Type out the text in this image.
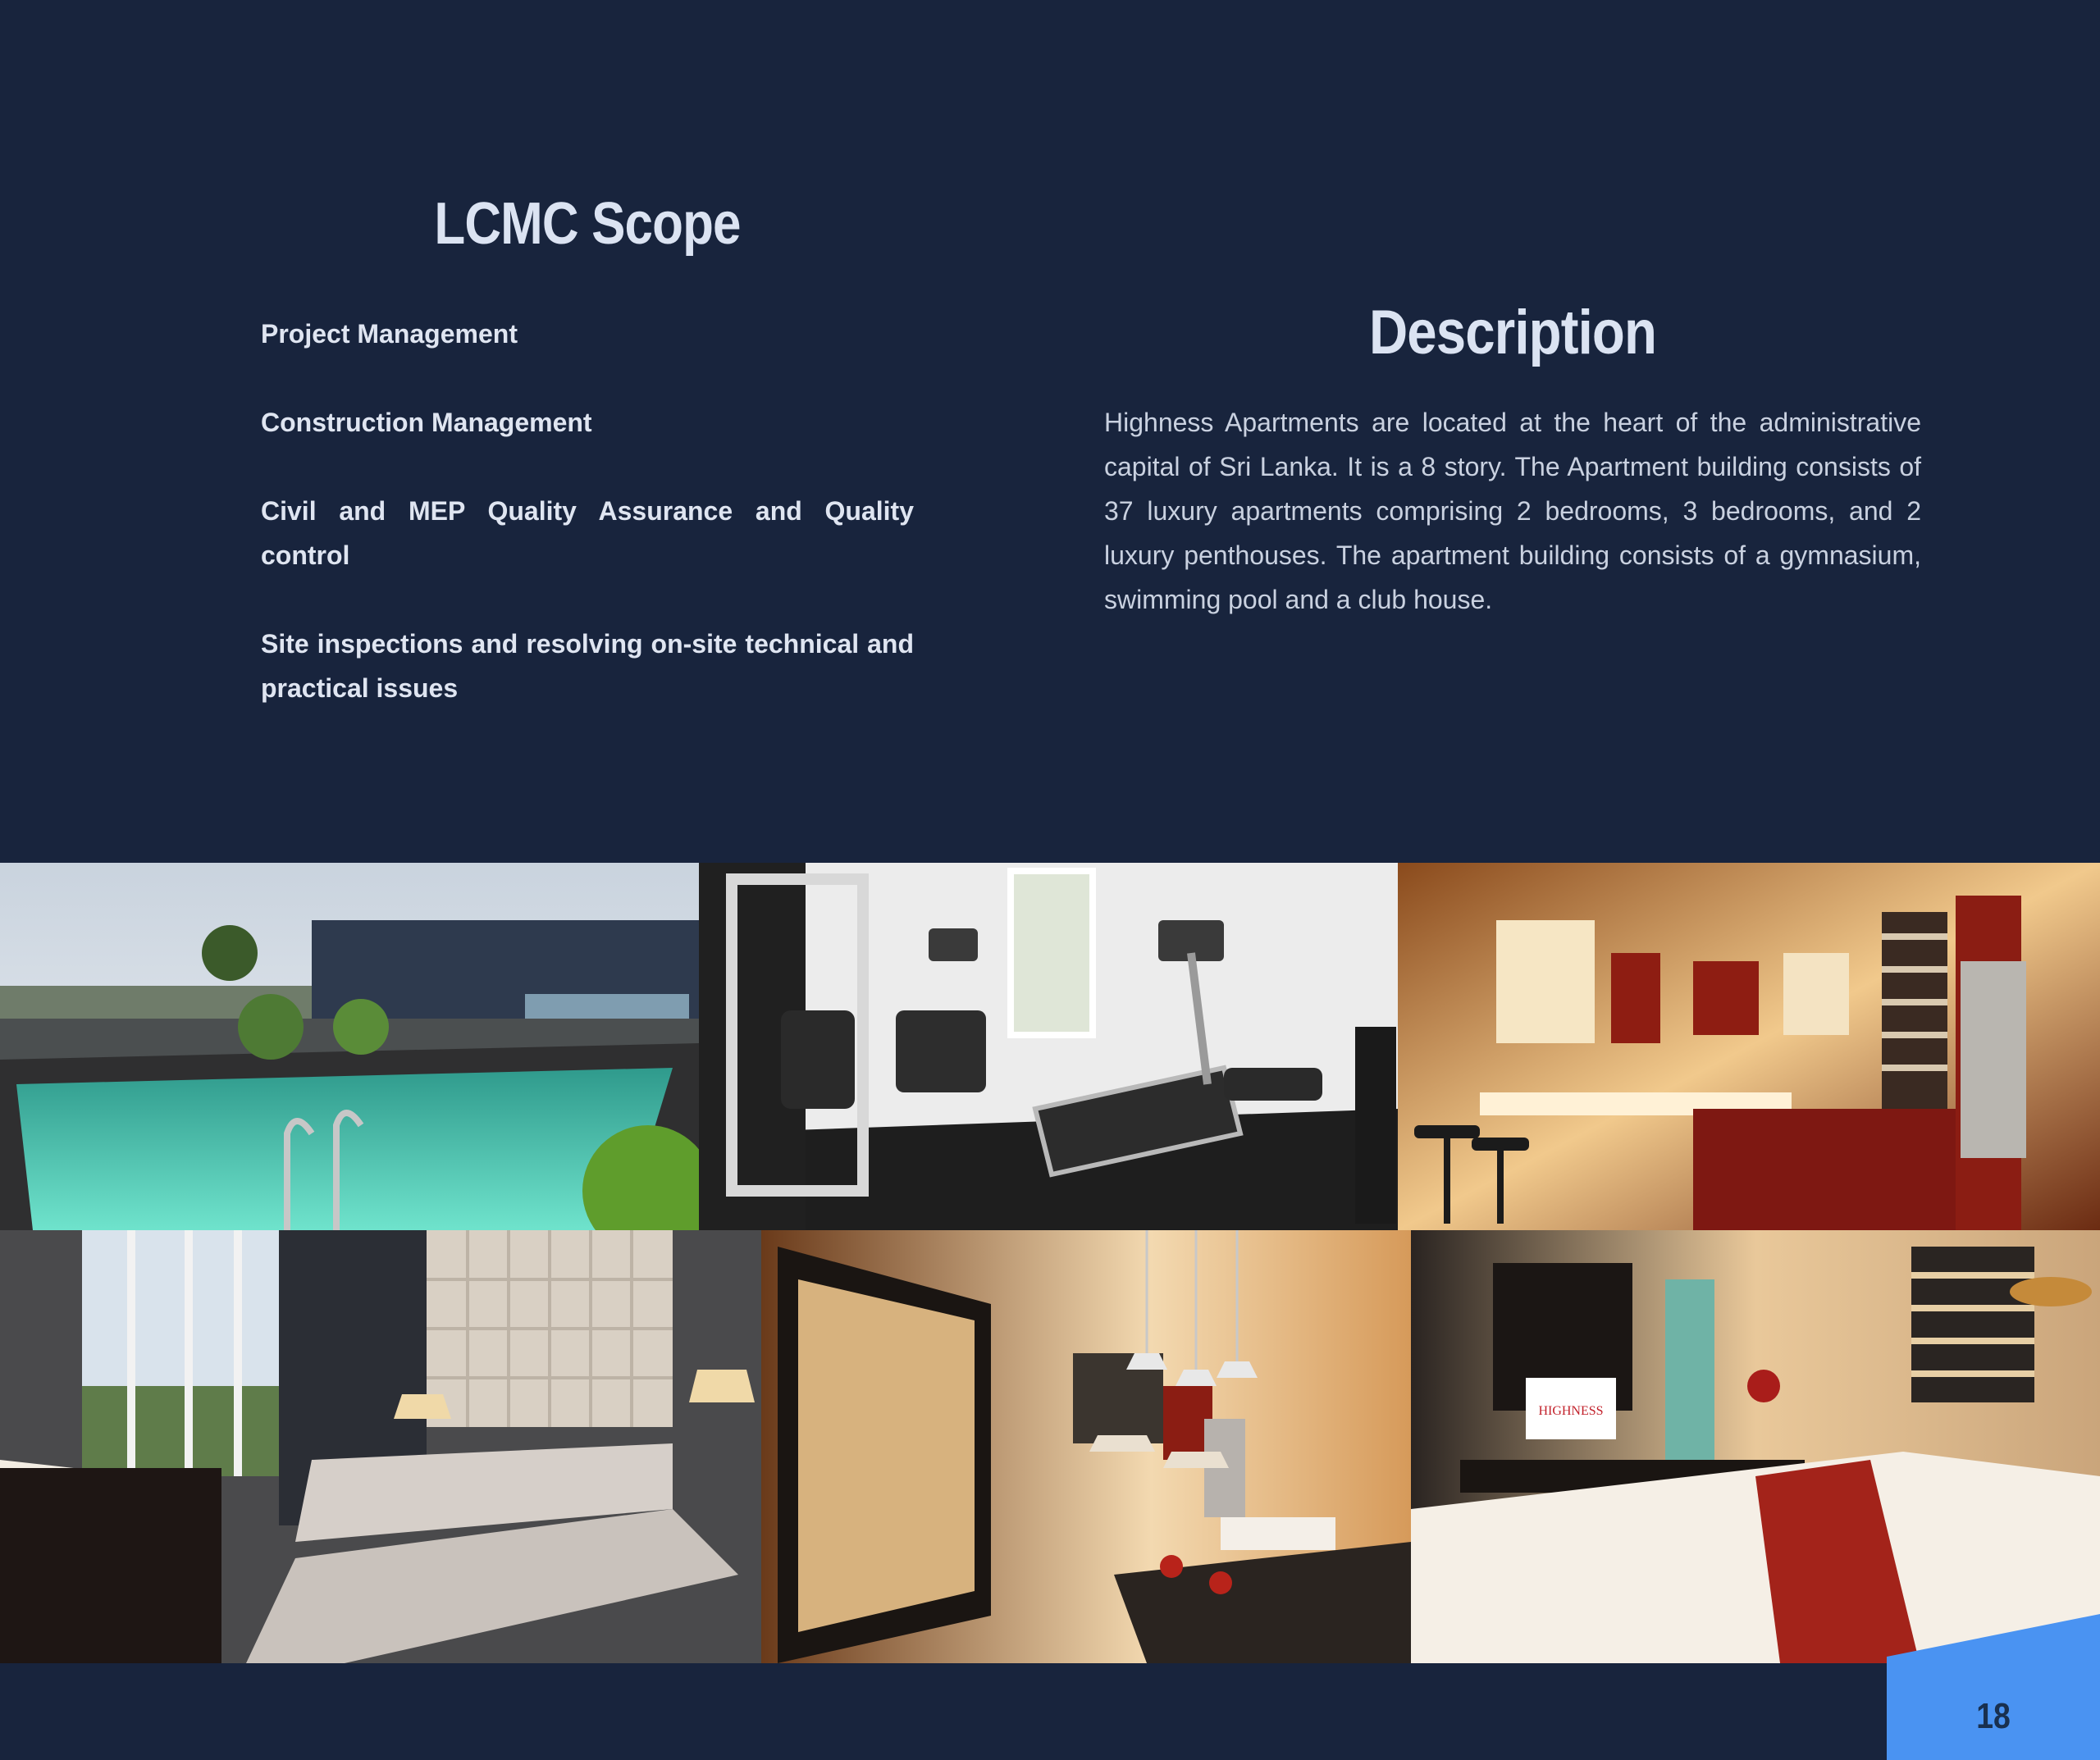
LCMC Scope

Project Management

Construction Management

Civil and MEP Quality Assurance and Quality control

Site inspections and resolving on-site technical and practical issues

Description

Highness Apartments are located at the heart of the administrative capital of Sri Lanka. It is a 8 story. The Apartment building consists of 37 luxury apartments comprising 2 bedrooms, 3 bedrooms, and 2 luxury penthouses. The apartment building consists of a gymnasium, swimming pool and a club house.

HIGHNESS
18
